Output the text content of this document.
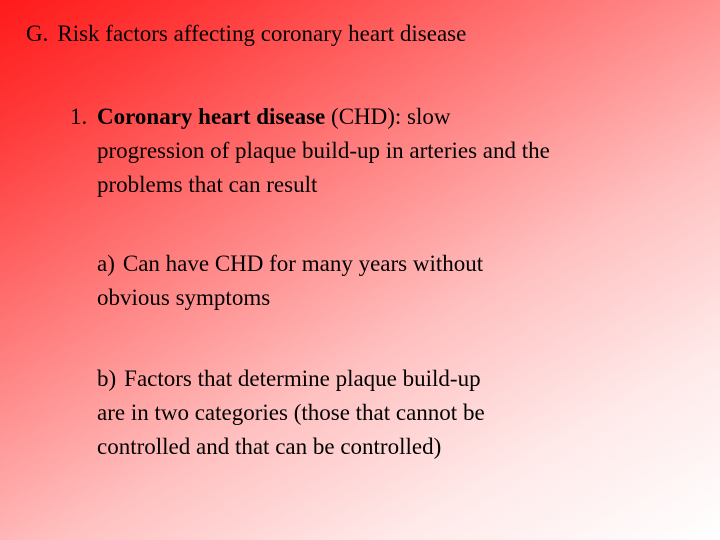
G. Risk factors affecting coronary heart disease
1. Coronary heart disease (CHD): slow
progression of plaque build-up in arteries and the
problems that can result
a) Can have CHD for many years without
obvious symptoms
b) Factors that determine plaque build-up
are in two categories (those that cannot be
controlled and that can be controlled)
